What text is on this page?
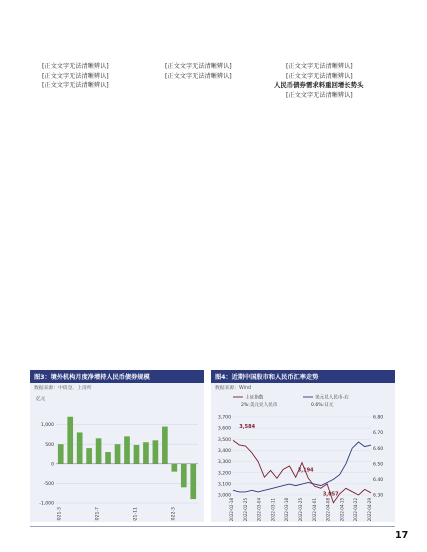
[正文文字无法清晰辨认]

[正文文字无法清晰辨认]

[正文文字无法清晰辨认]

[正文文字无法清晰辨认]

[正文文字无法清晰辨认]

[正文文字无法清晰辨认]

[正文文字无法清晰辨认]

人民币债券需求料重回增长势头

[正文文字无法清晰辨认]

图3：境外机构月度净增持人民币债券规模
数据来源：中债登，上清所
亿元
1,000
500
0
-500
-1,000
2021-3	2021-7	2021-11	2022-3
图4：近期中国股市和人民币汇率走势
数据来源：Wind
上证指数	美元兑人民币-右
2%:美元兑人民币	0.6%:日元
3,700
3,600
3,500
3,400
3,300
3,200
3,100
3,000
6.80
6.70
6.60
6.50
6.40
6.30
3,584
3,194
3,057
2022-02-18 2022-02-25 2022-03-04 2022-03-11 2022-03-18 2022-03-25 2022-04-01 2022-04-08 2022-04-15 2022-04-22 2022-04-29
17
